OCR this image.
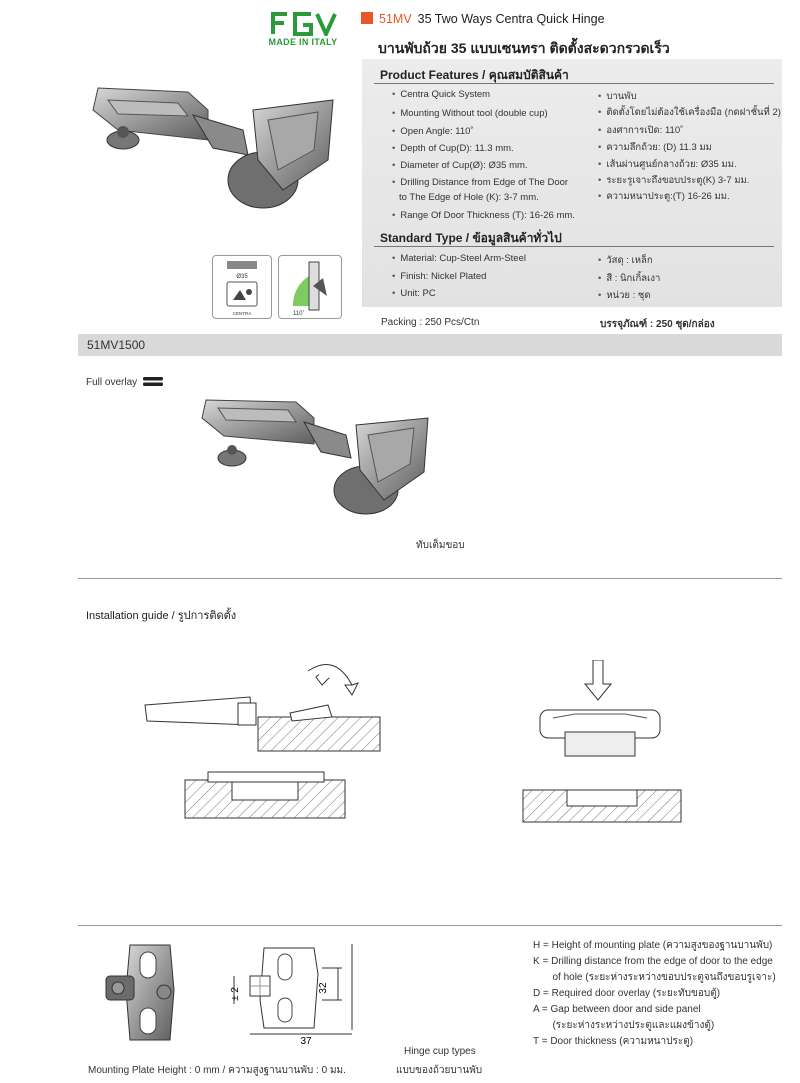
MADE IN ITALY
51MV 35 Two Ways Centra Quick Hinge
บานพับถ้วย 35 แบบเซนทรา ติดตั้งสะดวกรวดเร็ว
Ø35
CENTRA	110˚
Product Features / คุณสมบัติสินค้า
• Centra Quick System
• Mounting Without tool (double cup)
• Open Angle: 110˚
• Depth of Cup(D): 11.3 mm.
• Diameter of Cup(Ø): Ø35 mm.
• Drilling Distance from Edge of The Door
to The Edge of Hole (K): 3-7 mm.
• Range Of Door Thickness (T): 16-26 mm.
• บานพับ
• ติดตั้งโดยไม่ต้องใช้เครื่องมือ (กดฝาชั้นที่ 2)
• องศาการเปิด: 110˚
• ความลึกถ้วย: (D) 11.3 มม
• เส้นผ่านศูนย์กลางถ้วย: Ø35 มม.
• ระยะรูเจาะถึงขอบประตู(K) 3-7 มม.
• ความหนาประตู:(T) 16-26 มม.
Standard Type / ข้อมูลสินค้าทั่วไป
• Material: Cup-Steel Arm-Steel
• Finish: Nickel Plated
• Unit: PC
• วัสดุ : เหล็ก
• สี : นิกเกิ้ลเงา
• หน่วย : ชุด
Packing : 250 Pcs/Ctn	บรรจุภัณฑ์ : 250 ชุด/กล่อง
51MV1500
Full overlay
ทับเต็มขอบ
Installation guide / รูปการติดตั้ง
± 2	32
37
Mounting Plate Height : 0 mm / ความสูงฐานบานพับ : 0 มม.
Hinge cup types
แบบของถ้วยบานพับ
H = Height of mounting plate (ความสูงของฐานบานพับ)
K = Drilling distance from the edge of door to the edge
of hole (ระยะห่างระหว่างขอบประตูจนถึงขอบรูเจาะ)
D = Required door overlay (ระยะทับขอบตู้)
A = Gap between door and side panel
(ระยะห่างระหว่างประตูและแผงข้างตู้)
T = Door thickness (ความหนาประตู)
